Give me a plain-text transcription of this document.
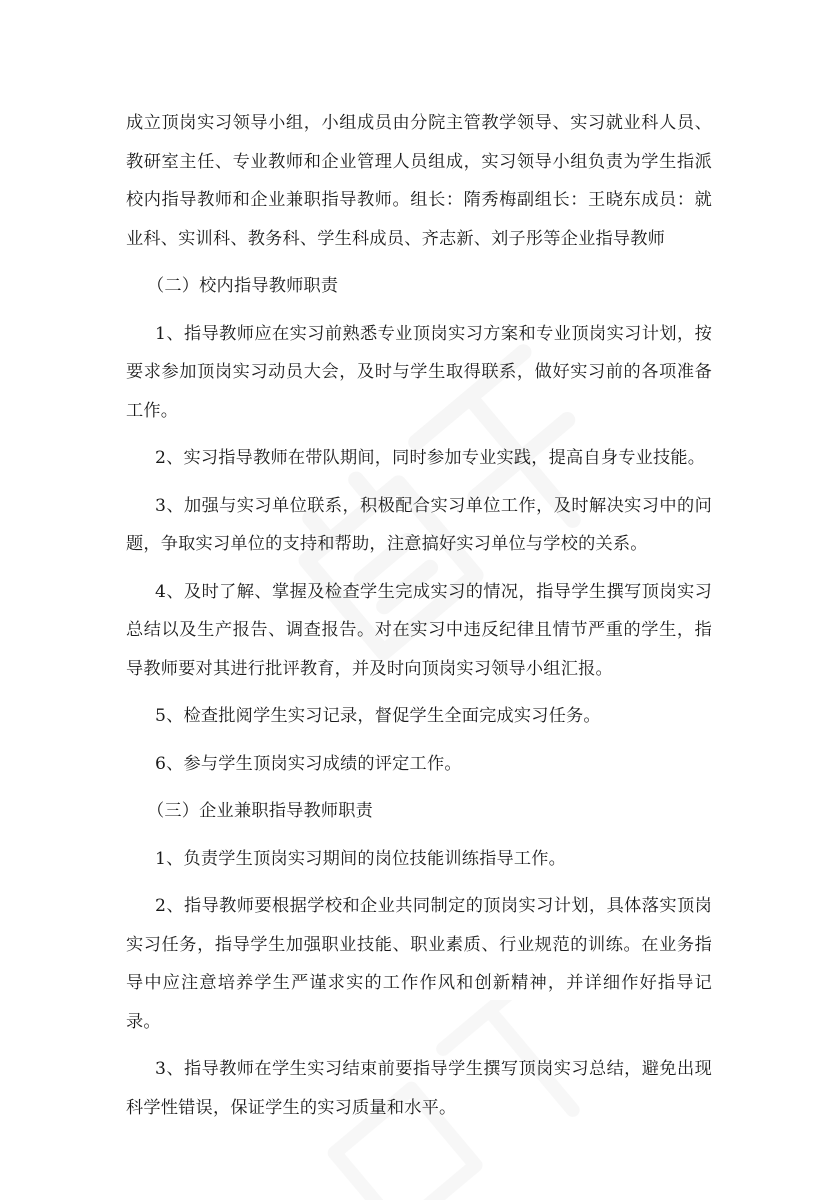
成立顶岗实习领导小组，小组成员由分院主管教学领导、实习就业科人员、教研室主任、专业教师和企业管理人员组成，实习领导小组负责为学生指派校内指导教师和企业兼职指导教师。组长：隋秀梅副组长：王晓东成员：就业科、实训科、教务科、学生科成员、齐志新、刘子彤等企业指导教师

（二）校内指导教师职责

1、指导教师应在实习前熟悉专业顶岗实习方案和专业顶岗实习计划，按要求参加顶岗实习动员大会，及时与学生取得联系，做好实习前的各项准备工作。

2、实习指导教师在带队期间，同时参加专业实践，提高自身专业技能。

3、加强与实习单位联系，积极配合实习单位工作，及时解决实习中的问题，争取实习单位的支持和帮助，注意搞好实习单位与学校的关系。

4、及时了解、掌握及检查学生完成实习的情况，指导学生撰写顶岗实习总结以及生产报告、调查报告。对在实习中违反纪律且情节严重的学生，指导教师要对其进行批评教育，并及时向顶岗实习领导小组汇报。

5、检查批阅学生实习记录，督促学生全面完成实习任务。

6、参与学生顶岗实习成绩的评定工作。

（三）企业兼职指导教师职责

1、负责学生顶岗实习期间的岗位技能训练指导工作。

2、指导教师要根据学校和企业共同制定的顶岗实习计划，具体落实顶岗实习任务，指导学生加强职业技能、职业素质、行业规范的训练。在业务指导中应注意培养学生严谨求实的工作作风和创新精神，并详细作好指导记录。

3、指导教师在学生实习结束前要指导学生撰写顶岗实习总结，避免出现科学性错误，保证学生的实习质量和水平。
